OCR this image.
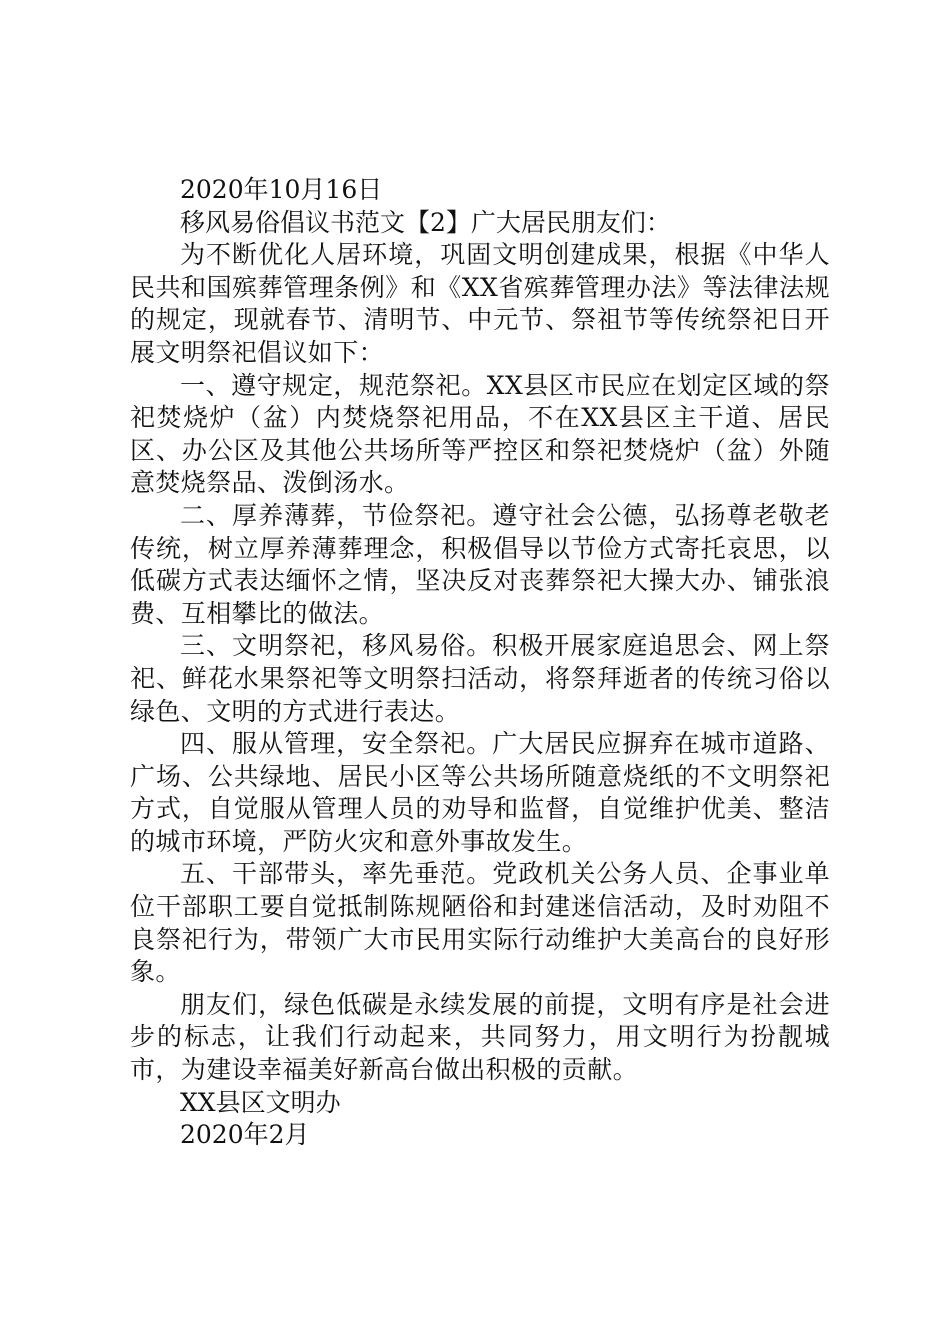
2020年10月16日

移风易俗倡议书范文【2】广大居民朋友们：

为不断优化人居环境，巩固文明创建成果，根据《中华人民共和国殡葬管理条例》和《XX省殡葬管理办法》等法律法规的规定，现就春节、清明节、中元节、祭祖节等传统祭祀日开展文明祭祀倡议如下：

一、遵守规定，规范祭祀。XX县区市民应在划定区域的祭祀焚烧炉（盆）内焚烧祭祀用品，不在XX县区主干道、居民区、办公区及其他公共场所等严控区和祭祀焚烧炉（盆）外随意焚烧祭品、泼倒汤水。

二、厚养薄葬，节俭祭祀。遵守社会公德，弘扬尊老敬老传统，树立厚养薄葬理念，积极倡导以节俭方式寄托哀思，以低碳方式表达缅怀之情，坚决反对丧葬祭祀大操大办、铺张浪费、互相攀比的做法。

三、文明祭祀，移风易俗。积极开展家庭追思会、网上祭祀、鲜花水果祭祀等文明祭扫活动，将祭拜逝者的传统习俗以绿色、文明的方式进行表达。

四、服从管理，安全祭祀。广大居民应摒弃在城市道路、广场、公共绿地、居民小区等公共场所随意烧纸的不文明祭祀方式，自觉服从管理人员的劝导和监督，自觉维护优美、整洁的城市环境，严防火灾和意外事故发生。

五、干部带头，率先垂范。党政机关公务人员、企事业单位干部职工要自觉抵制陈规陋俗和封建迷信活动，及时劝阻不良祭祀行为，带领广大市民用实际行动维护大美高台的良好形象。

朋友们，绿色低碳是永续发展的前提，文明有序是社会进步的标志，让我们行动起来，共同努力，用文明行为扮靓城市，为建设幸福美好新高台做出积极的贡献。

XX县区文明办

2020年2月
